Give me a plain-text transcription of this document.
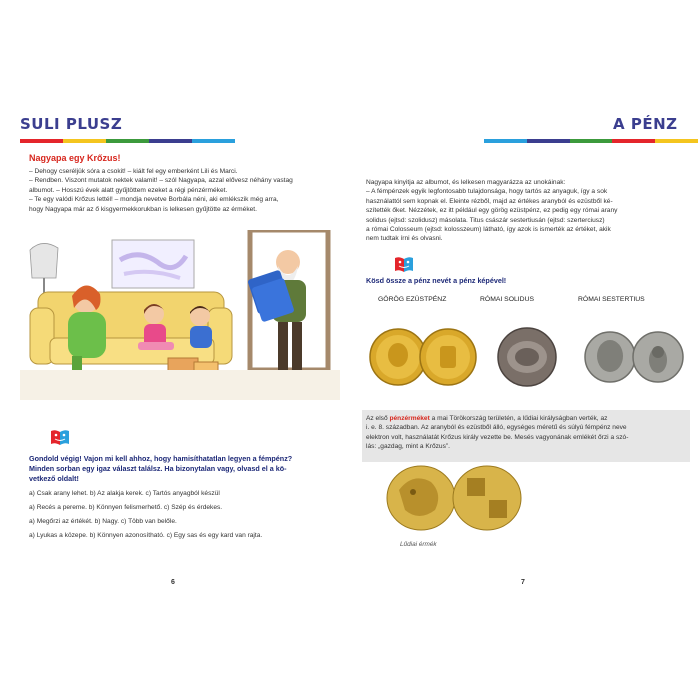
SULI PLUSZ	A PÉNZ
Nagyapa egy Krőzus!
– Dehogy cseréljük sóra a csokit! – kiált fel egy emberként Lili és Marci.
– Rendben. Viszont mutatok nektek valamit! – szól Nagyapa, azzal elővesz néhány vastag
albumot. – Hosszú évek alatt gyűjtöttem ezeket a régi pénzérméket.
– Te egy valódi Krőzus lettél! – mondja nevetve Borbála néni, aki emlékszik még arra,
hogy Nagyapa már az ő kisgyermekkorukban is lelkesen gyűjtötte az érméket.
Gondold végig! Vajon mi kell ahhoz, hogy hamisíthatatlan legyen a fémpénz?
Minden sorban egy igaz választ találsz. Ha bizonytalan vagy, olvasd el a kö-
vetkező oldalt!
a) Csak arany lehet. b) Az alakja kerek. c) Tartós anyagból készül
a) Recés a pereme. b) Könnyen felismerhető. c) Szép és érdekes.
a) Megőrzi az értékét. b) Nagy. c) Több van belőle.
a) Lyukas a közepe. b) Könnyen azonosítható. c) Egy sas és egy kard van rajta.
6
Nagyapa kinyitja az albumot, és lelkesen magyarázza az unokáinak:
– A fémpénzek egyik legfontosabb tulajdonsága, hogy tartós az anyaguk, így a sok
használattól sem kopnak el. Eleinte rézből, majd az értékes aranyból és ezüstből ké-
szítették őket. Nézzétek, ez itt például egy görög ezüstpénz, ez pedig egy római arany
solidus (ejtsd: szolidusz) másolata. Titus császár sestertiusán (ejtsd: szerterciusz)
a római Colosseum (ejtsd: kolosszeum) látható, így azok is ismerték az értéket, akik
nem tudtak írni és olvasni.
Kösd össze a pénz nevét a pénz képével!
GÖRÖG EZÜSTPÉNZ	RÓMAI SOLIDUS	RÓMAI SESTERTIUS
Az első pénzérméket a mai Törökország területén, a lűdiai királyságban verték, az
i. e. 8. században. Az aranyból és ezüstből álló, egységes méretű és súlyú fémpénz neve
elektron volt, használatát Krőzus király vezette be. Mesés vagyonának emlékét őrzi a szó-
lás: „gazdag, mint a Krőzus”.
Lűdiai érmék
7
